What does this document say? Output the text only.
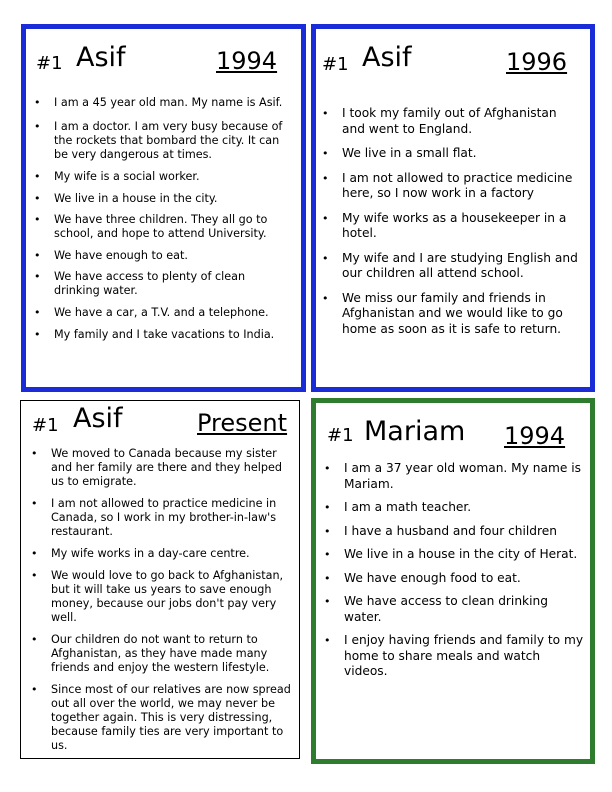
#1 Asif	1994
• I am a 45 year old man. My name is Asif.
• I am a doctor. I am very busy because of the rockets that bombard the city. It can be very dangerous at times.
• My wife is a social worker.
• We live in a house in the city.
• We have three children. They all go to school, and hope to attend University.
• We have enough to eat.
• We have access to plenty of clean drinking water.
• We have a car, a T.V. and a telephone.
• My family and I take vacations to India.
#1 Asif	1996
• I took my family out of Afghanistan and went to England.
• We live in a small flat.
• I am not allowed to practice medicine here, so I now work in a factory
• My wife works as a housekeeper in a hotel.
• My wife and I are studying English and our children all attend school.
• We miss our family and friends in Afghanistan and we would like to go home as soon as it is safe to return.
#1 Asif	Present
• We moved to Canada because my sister and her family are there and they helped us to emigrate.
• I am not allowed to practice medicine in Canada, so I work in my brother-in-law's restaurant.
• My wife works in a day-care centre.
• We would love to go back to Afghanistan, but it will take us years to save enough money, because our jobs don't pay very well.
• Our children do not want to return to Afghanistan, as they have made many friends and enjoy the western lifestyle.
• Since most of our relatives are now spread out all over the world, we may never be together again. This is very distressing, because family ties are very important to us.
#1 Mariam 1994
• I am a 37 year old woman. My name is Mariam.
• I am a math teacher.
• I have a husband and four children
• We live in a house in the city of Herat.
• We have enough food to eat.
• We have access to clean drinking water.
• I enjoy having friends and family to my home to share meals and watch videos.
